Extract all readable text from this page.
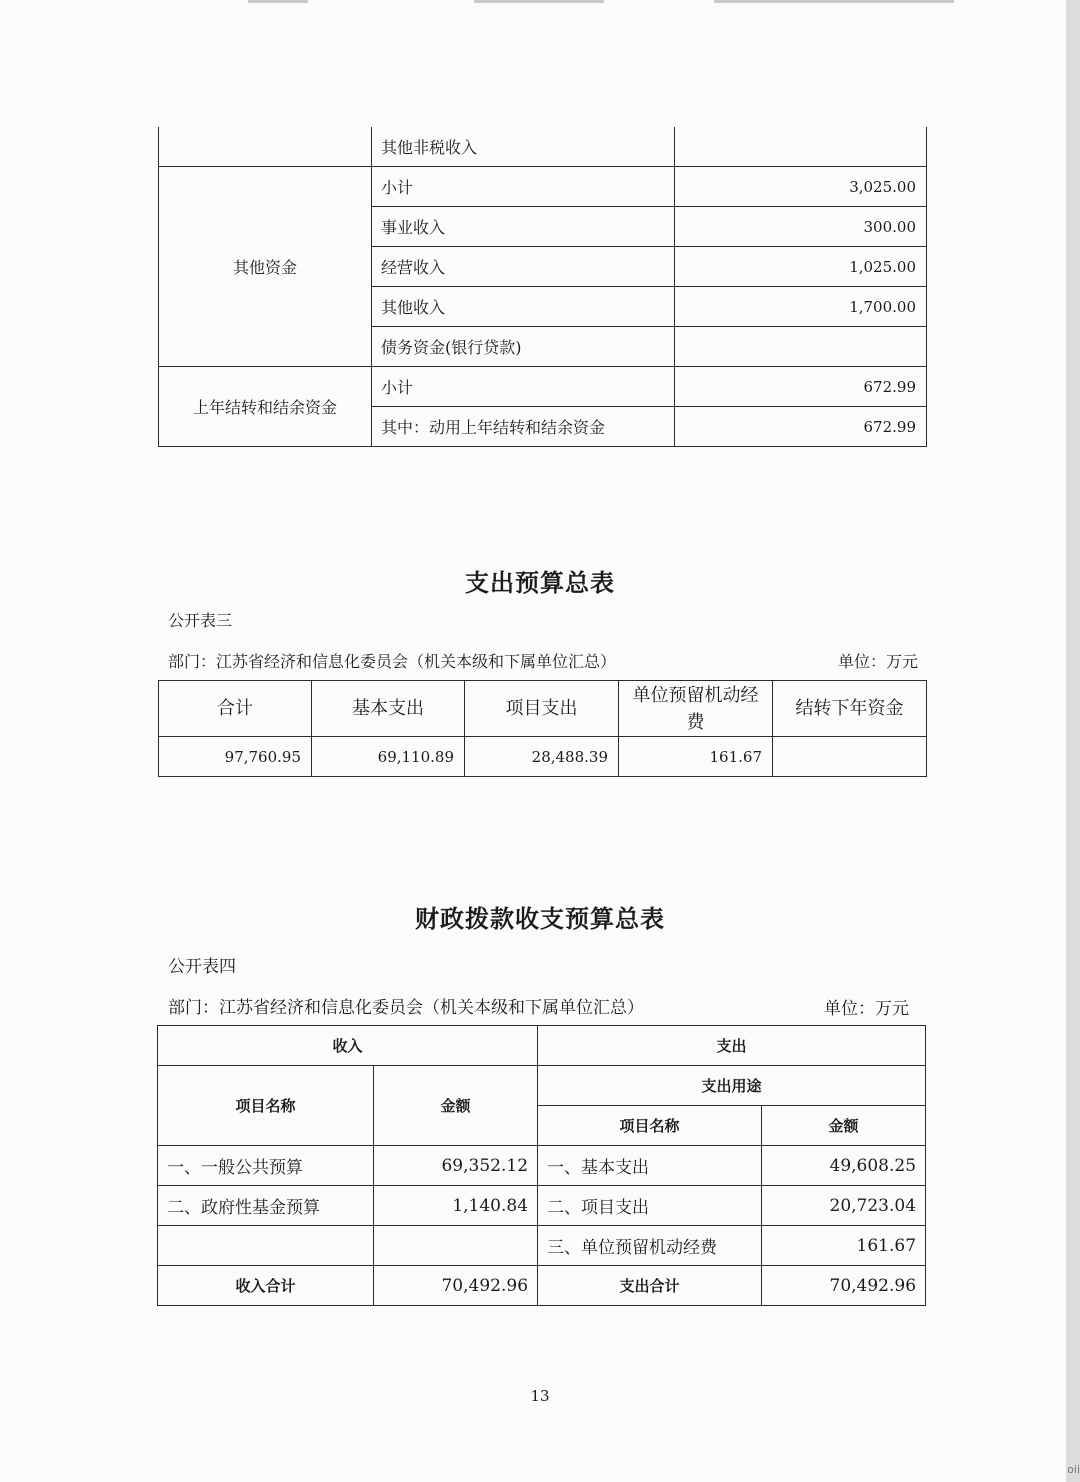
	其他非税收入	
其他资金	小计	3,025.00
	事业收入	300.00
	经营收入	1,025.00
	其他收入	1,700.00
	债务资金(银行贷款)	
上年结转和结余资金	小计	672.99
	其中：动用上年结转和结余资金	672.99
支出预算总表
公开表三
部门：江苏省经济和信息化委员会（机关本级和下属单位汇总）	单位：万元
合计	基本支出	项目支出	单位预留机动经费	结转下年资金
97,760.95	69,110.89	28,488.39	161.67	
财政拨款收支预算总表
公开表四
部门：江苏省经济和信息化委员会（机关本级和下属单位汇总）	单位：万元
收入		支出	
项目名称	金额	支出用途	
		项目名称	金额
一、一般公共预算	69,352.12	一、基本支出	49,608.25
二、政府性基金预算	1,140.84	二、项目支出	20,723.04
		三、单位预留机动经费	161.67
收入合计	70,492.96	支出合计	70,492.96
13
oii
